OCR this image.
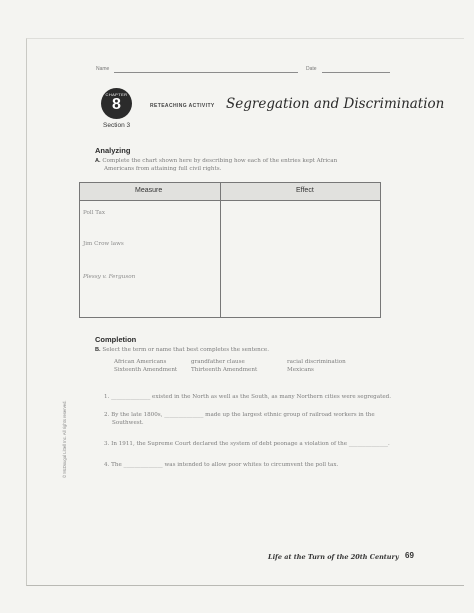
Name	Date
CHAPTER
8
Section 3
RETEACHING ACTIVITY Segregation and Discrimination
Analyzing
A. Complete the chart shown here by describing how each of the entries kept African
Americans from attaining full civil rights.
Measure	Effect
Poll Tax
Jim Crow laws
Plessy v. Ferguson
Completion
B. Select the term or name that best completes the sentence.
African Americans	grandfather clause	racial discrimination
Sixteenth Amendment Thirteenth Amendment	Mexicans
1. ______________ existed in the North as well as the South, as many Northern cities were segregated.
2. By the late 1800s, ______________ made up the largest ethnic group of railroad workers in the
Southwest.
3. In 1911, the Supreme Court declared the system of debt peonage a violation of the ______________.
4. The ______________ was intended to allow poor whites to circumvent the poll tax.
© McDougal Littell Inc. All rights reserved.
Life at the Turn of the 20th Century 69
